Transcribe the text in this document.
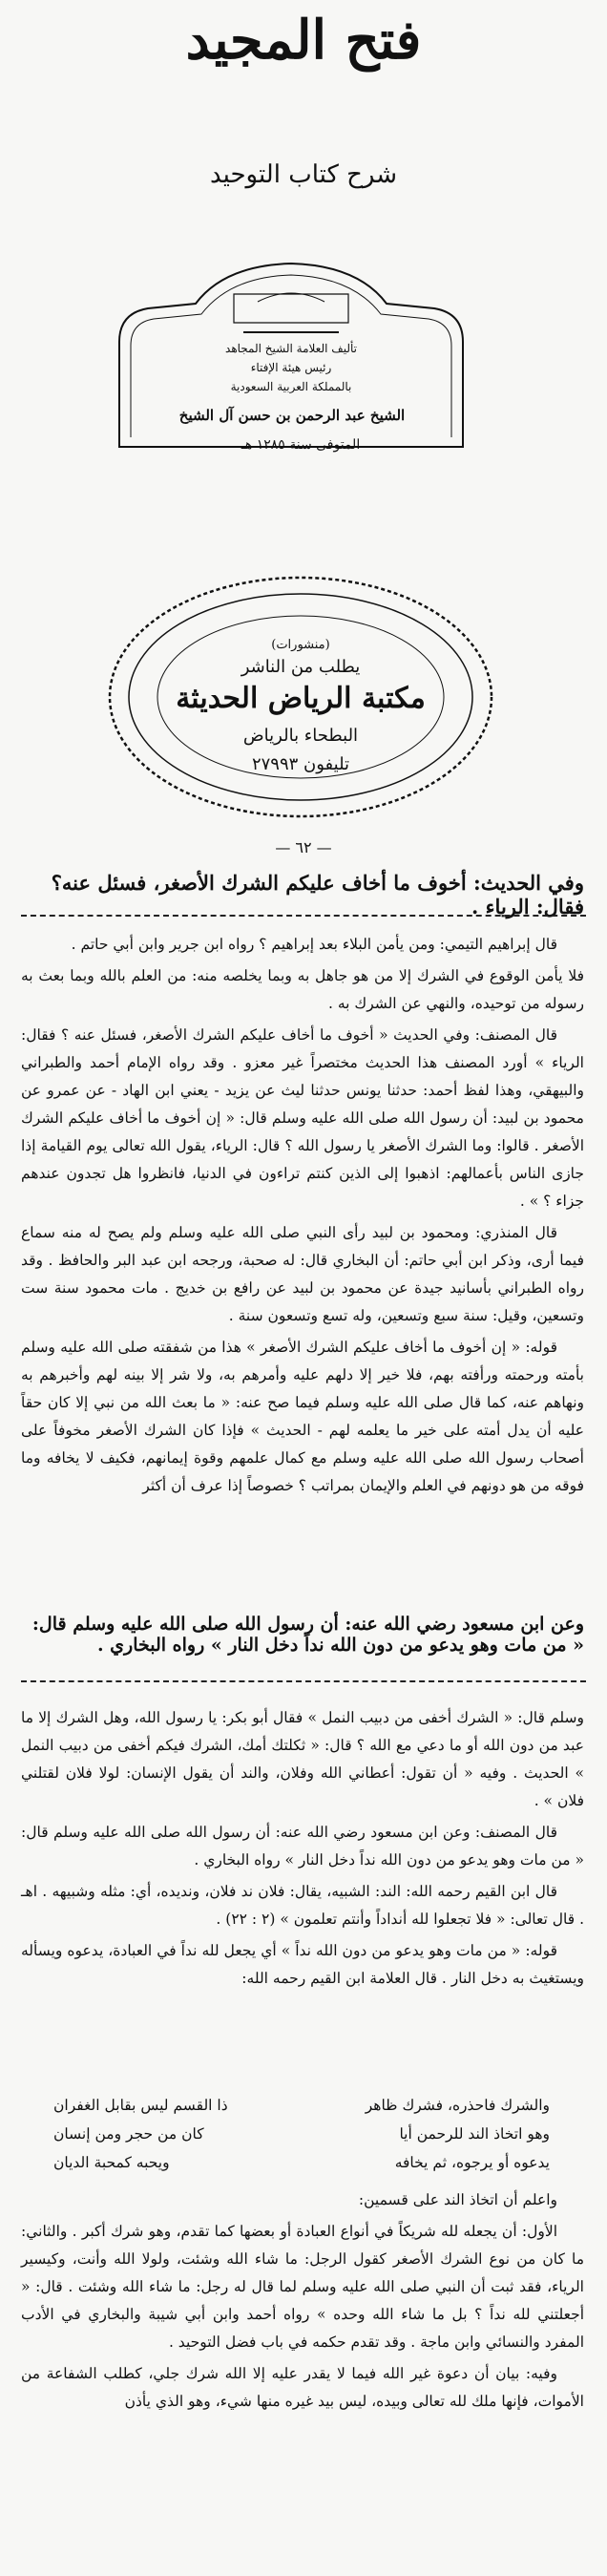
فتح المجيد
شرح كتاب التوحيد
تأليف العلامة الشيخ المجاهد
رئيس هيئة الإفتاء
بالمملكة العربية السعودية
الشيخ عبد الرحمن بن حسن آل الشيخ
المتوفى سنة ١٢٨٥ هـ
(منشورات)
يطلب من الناشر
مكتبة الرياض الحديثة
البطحاء بالرياض
تليفون ٢٧٩٩٣
— ٦٢ —
وفي الحديث: أخوف ما أخاف عليكم الشرك الأصغر، فسئل عنه؟ فقال: الرياء .

قال إبراهيم التيمي: ومن يأمن البلاء بعد إبراهيم ؟ رواه ابن جرير وابن أبي حاتم .

فلا يأمن الوقوع في الشرك إلا من هو جاهل به وبما يخلصه منه: من العلم بالله وبما بعث به رسوله من توحيده، والنهي عن الشرك به .

قال المصنف: وفي الحديث « أخوف ما أخاف عليكم الشرك الأصغر، فسئل عنه ؟ فقال: الرياء » أورد المصنف هذا الحديث مختصراً غير معزو . وقد رواه الإمام أحمد والطبراني والبيهقي، وهذا لفظ أحمد: حدثنا يونس حدثنا ليث عن يزيد - يعني ابن الهاد - عن عمرو عن محمود بن لبيد: أن رسول الله صلى الله عليه وسلم قال: « إن أخوف ما أخاف عليكم الشرك الأصغر . قالوا: وما الشرك الأصغر يا رسول الله ؟ قال: الرياء، يقول الله تعالى يوم القيامة إذا جازى الناس بأعمالهم: اذهبوا إلى الذين كنتم تراءون في الدنيا، فانظروا هل تجدون عندهم جزاء ؟ » .

قال المنذري: ومحمود بن لبيد رأى النبي صلى الله عليه وسلم ولم يصح له منه سماع فيما أرى، وذكر ابن أبي حاتم: أن البخاري قال: له صحبة، ورجحه ابن عبد البر والحافظ . وقد رواه الطبراني بأسانيد جيدة عن محمود بن لبيد عن رافع بن خديج . مات محمود سنة ست وتسعين، وقيل: سنة سبع وتسعين، وله تسع وتسعون سنة .

قوله: « إن أخوف ما أخاف عليكم الشرك الأصغر » هذا من شفقته صلى الله عليه وسلم بأمته ورحمته ورأفته بهم، فلا خير إلا دلهم عليه وأمرهم به، ولا شر إلا بينه لهم وأخبرهم به ونهاهم عنه، كما قال صلى الله عليه وسلم فيما صح عنه: « ما بعث الله من نبي إلا كان حقاً عليه أن يدل أمته على خير ما يعلمه لهم - الحديث » فإذا كان الشرك الأصغر مخوفاً على أصحاب رسول الله صلى الله عليه وسلم مع كمال علمهم وقوة إيمانهم، فكيف لا يخافه وما فوقه من هو دونهم في العلم والإيمان بمراتب ؟ خصوصاً إذا عرف أن أكثر

وعن ابن مسعود رضي الله عنه: أن رسول الله صلى الله عليه وسلم قال: « من مات وهو يدعو من دون الله نداً دخل النار » رواه البخاري .

وسلم قال: « الشرك أخفى من دبيب النمل » فقال أبو بكر: يا رسول الله، وهل الشرك إلا ما عبد من دون الله أو ما دعي مع الله ؟ قال: « ثكلتك أمك، الشرك فيكم أخفى من دبيب النمل » الحديث . وفيه « أن تقول: أعطاني الله وفلان، والند أن يقول الإنسان: لولا فلان لقتلني فلان » .

قال المصنف: وعن ابن مسعود رضي الله عنه: أن رسول الله صلى الله عليه وسلم قال: « من مات وهو يدعو من دون الله نداً دخل النار » رواه البخاري .

قال ابن القيم رحمه الله: الند: الشبيه، يقال: فلان ند فلان، ونديده، أي: مثله وشبيهه . اهـ . قال تعالى: « فلا تجعلوا لله أنداداً وأنتم تعلمون » (٢ : ٢٢) .

قوله: « من مات وهو يدعو من دون الله نداً » أي يجعل لله نداً في العبادة، يدعوه ويسأله ويستغيث به دخل النار . قال العلامة ابن القيم رحمه الله:

والشرك فاحذره، فشرك ظاهر
ذا القسم ليس بقابل الغفران
وهو اتخاذ الند للرحمن أيا
كان من حجر ومن إنسان
يدعوه أو يرجوه، ثم يخافه
ويحبه كمحبة الديان

واعلم أن اتخاذ الند على قسمين:

الأول: أن يجعله لله شريكاً في أنواع العبادة أو بعضها كما تقدم، وهو شرك أكبر . والثاني: ما كان من نوع الشرك الأصغر كقول الرجل: ما شاء الله وشئت، ولولا الله وأنت، وكيسير الرياء، فقد ثبت أن النبي صلى الله عليه وسلم لما قال له رجل: ما شاء الله وشئت . قال: « أجعلتني لله نداً ؟ بل ما شاء الله وحده » رواه أحمد وابن أبي شيبة والبخاري في الأدب المفرد والنسائي وابن ماجة . وقد تقدم حكمه في باب فضل التوحيد .

وفيه: بيان أن دعوة غير الله فيما لا يقدر عليه إلا الله شرك جلي، كطلب الشفاعة من الأموات، فإنها ملك لله تعالى وبيده، ليس بيد غيره منها شيء، وهو الذي يأذن
